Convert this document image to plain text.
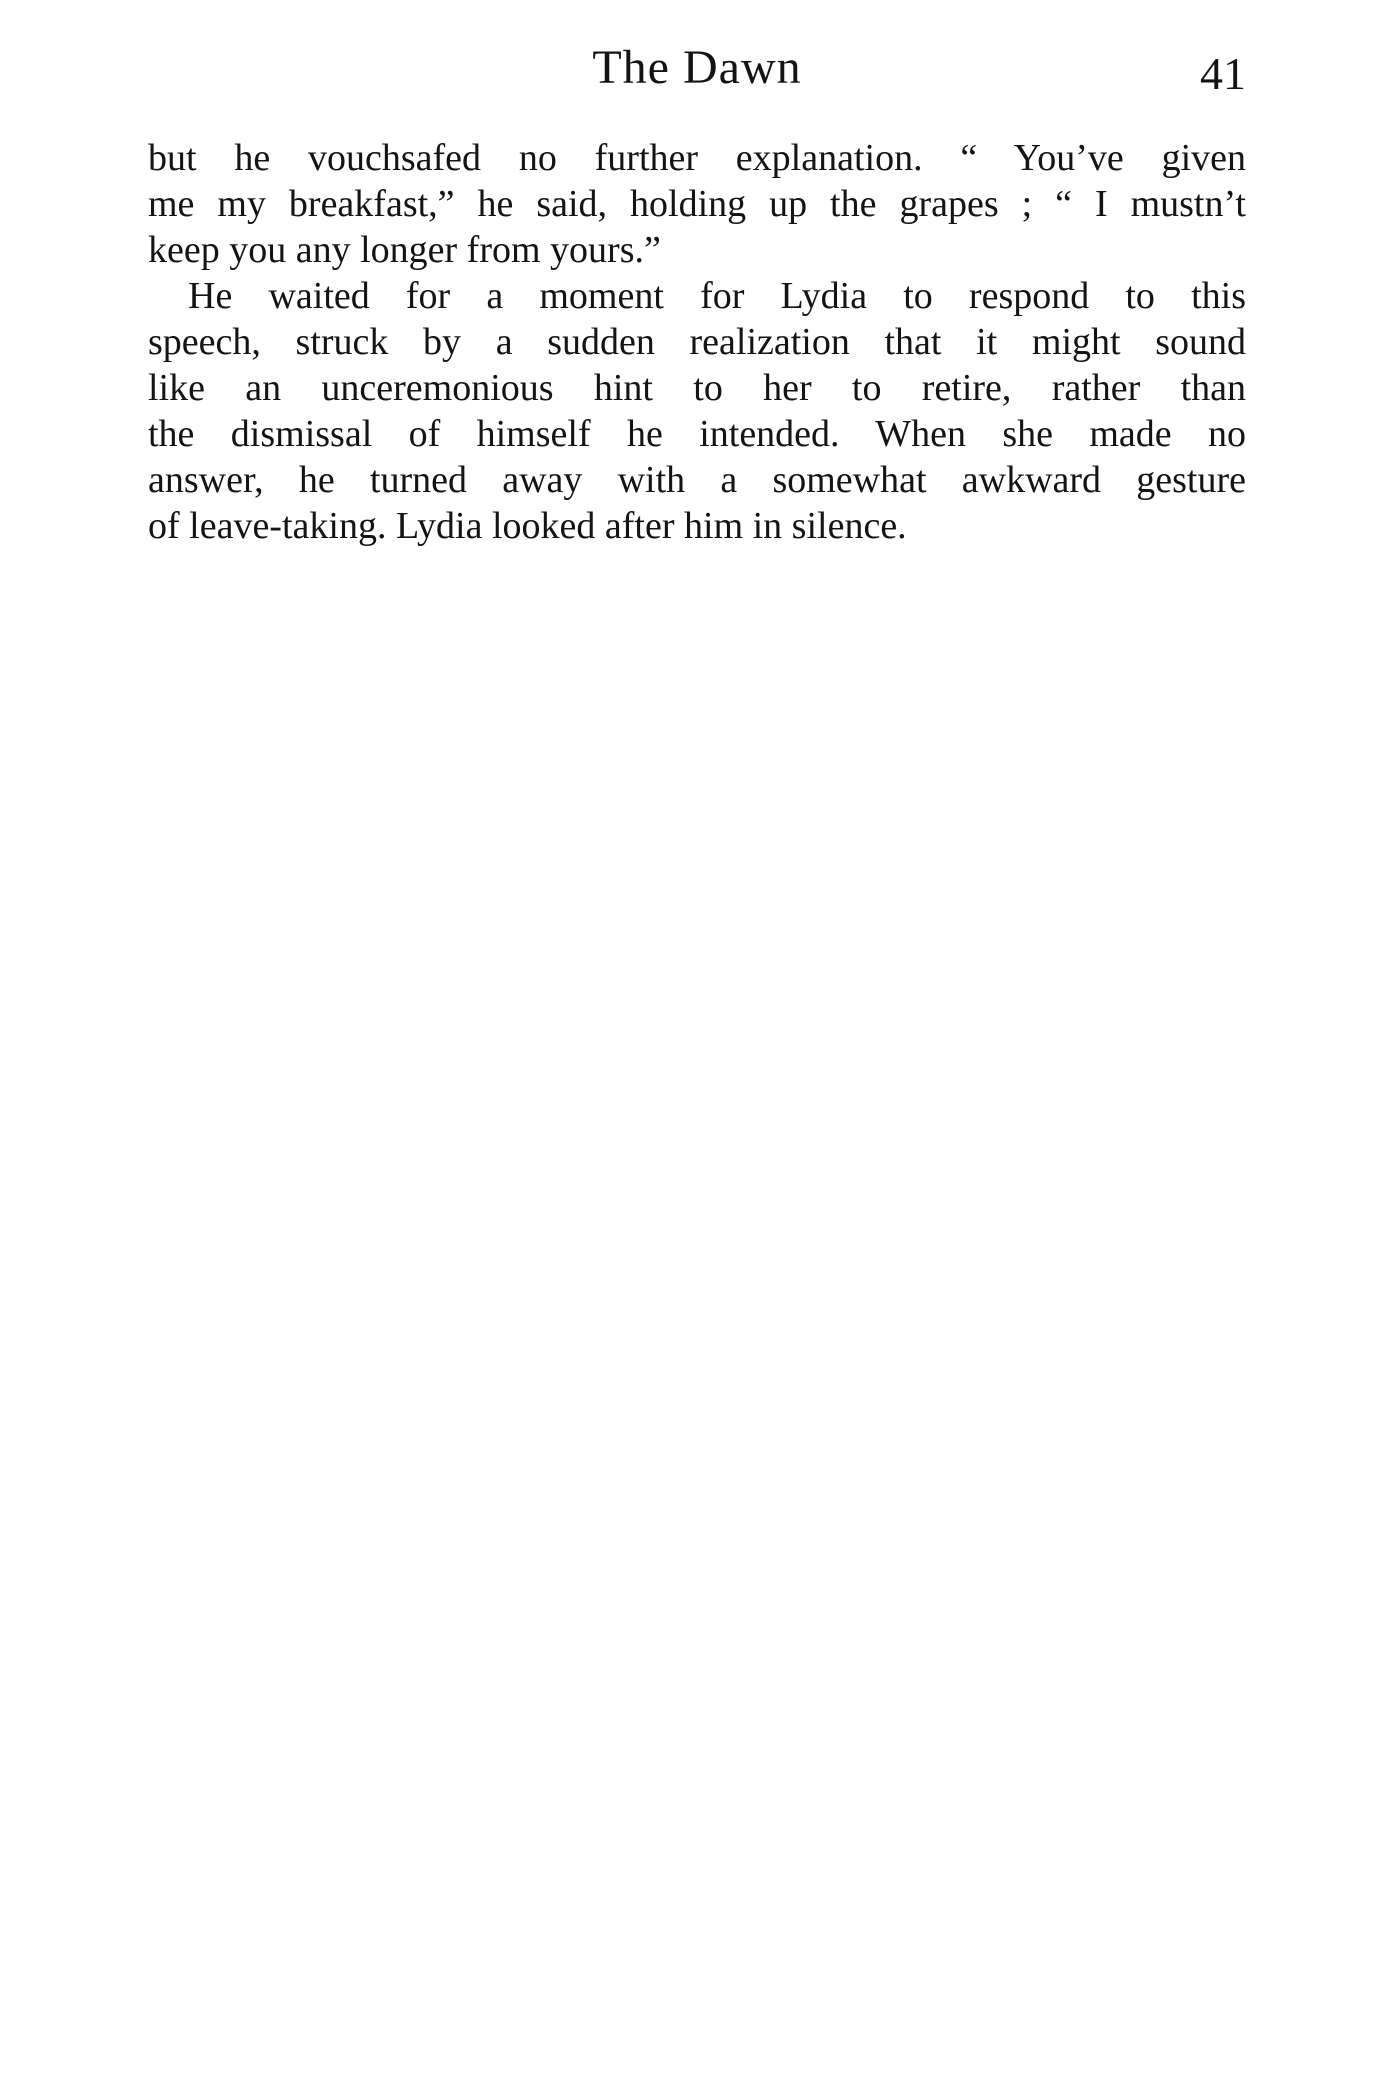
The Dawn	41
but he vouchsafed no further explanation. “ You’ve given
me my breakfast,” he said, holding up the grapes ; “ I mustn’t
keep you any longer from yours.”
He waited for a moment for Lydia to respond to this
speech, struck by a sudden realization that it might sound
like an unceremonious hint to her to retire, rather than
the dismissal of himself he intended. When she made no
answer, he turned away with a somewhat awkward gesture
of leave-taking. Lydia looked after him in silence.
